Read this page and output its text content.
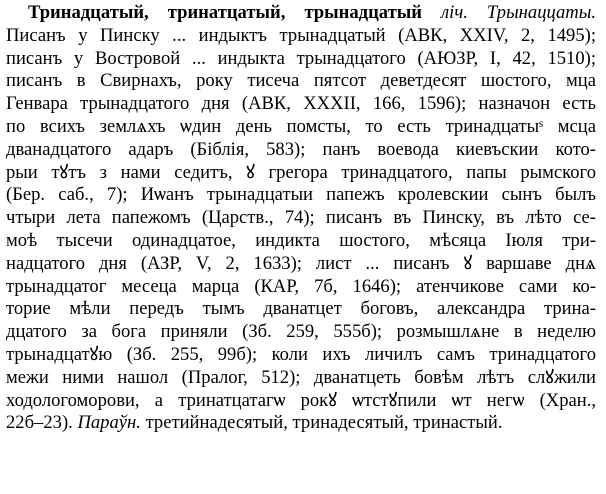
Тринадцатый, тринатцатый, трынадцатый лiч. Трынаццаты.
Писанъ у Пинску ... индыктъ трынадцатый (АВК, XXIV, 2, 1495);
писанъ у Востровой ... индыкта трынадцатого (АЮЗР, I, 42, 1510);
писанъ в Свирнахъ, року тисеча пятсот деветдесят шостого, мца
Генвара трынадцатого дня (АВК, XXXII, 166, 1596); назначон есть
по всихъ землѧхъ ѡдин день помсты, то есть тринадцатыˢ мсца
дванадцатого адаръ (Бiблiя, 583); панъ воевода киевъскии кото-
рыи тꙋтъ з нами седитъ, ꙋ грегора тринадцатого, папы рымского
(Бер. саб., 7); Иѡанъ трынадцатыи папежъ кролевскии сынъ былъ
чтыри лета папежомъ (Царств., 74); писанъ въ Пинску, въ лѣто се-
моѣ тысечи одинадцатое, индикта шостого, мѣсяца Iюля три-
надцатого дня (АЗР, V, 2, 1633); лист ... писанъ ꙋ варшаве днѧ
трынадцатог месеца марца (КАР, 7б, 1646); атенчикове сами ко-
торие мѣли передъ тымъ дванатцет боговъ, александра трина-
дцатого за бога приняли (Зб. 259, 555б); розмышлѧне в неделю
трынадцатꙋю (Зб. 255, 99б); коли ихъ личилъ самъ тринадцатого
межи ними нашол (Пралог, 512); дванатцеть бовѣм лѣтъ слꙋжили
ходологоморови, а тринатцатагѡ рокꙋ ѡтстꙋпили ѡт негѡ (Хран.,
22б–23). Параўн. третийнадесятый, тринадесятый, тринастый.
